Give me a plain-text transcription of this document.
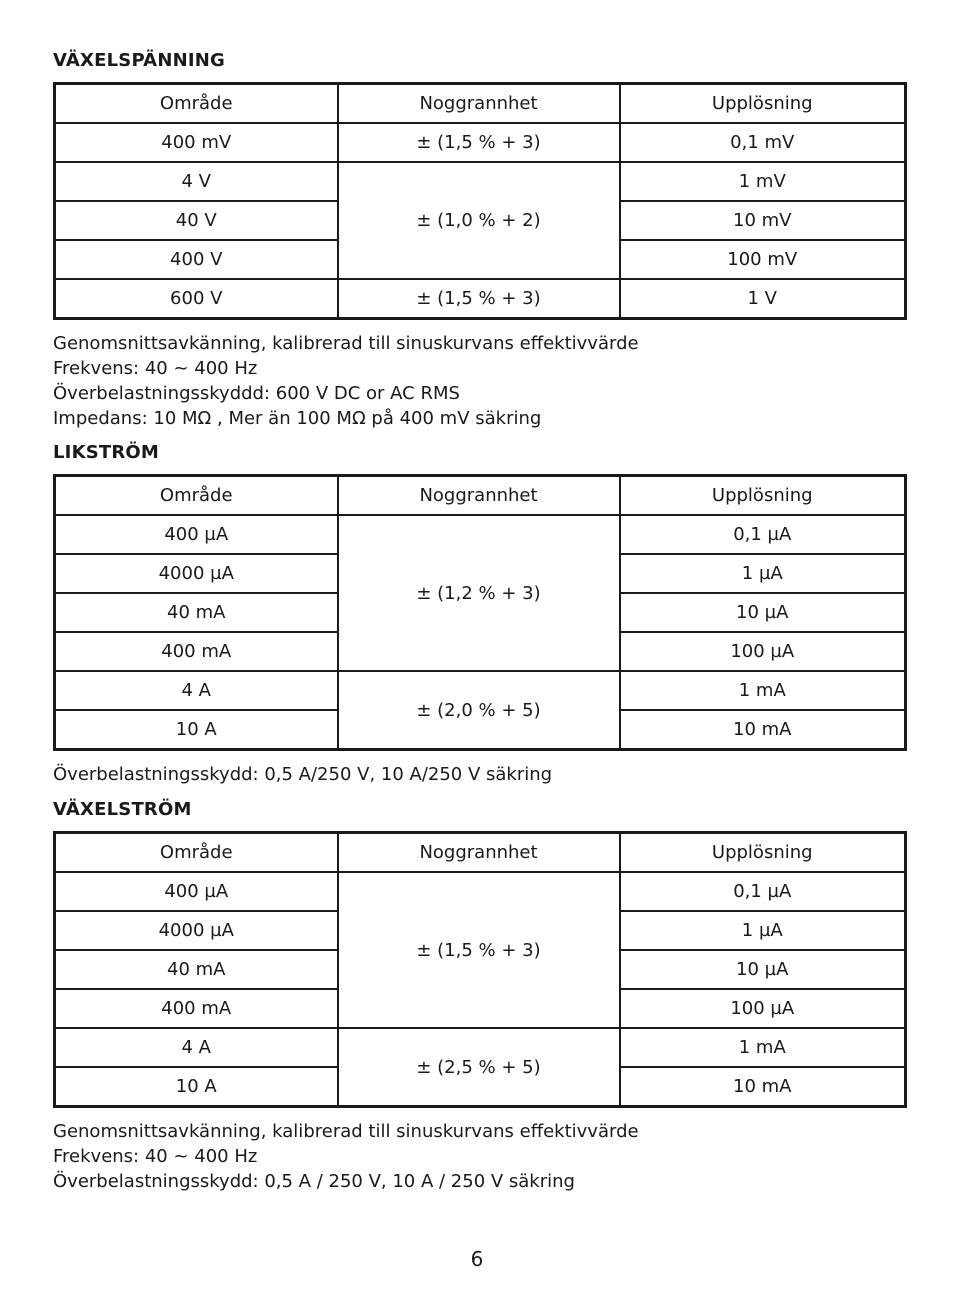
VÄXELSPÄNNING
Område	Noggrannhet	Upplösning
400 mV	± (1,5 % + 3)	0,1 mV
4 V	± (1,0 % + 2)	1 mV
40 V		10 mV
400 V		100 mV
600 V	± (1,5 % + 3)	1 V
Genomsnittsavkänning, kalibrerad till sinuskurvans effektivvärde
Frekvens: 40 ~ 400 Hz
Överbelastningsskyddd: 600 V DC or AC RMS
Impedans: 10 MΩ , Mer än 100 MΩ på 400 mV säkring
LIKSTRÖM
Område	Noggrannhet	Upplösning
400 µA	± (1,2 % + 3)	0,1 µA
4000 µA		1 µA
40 mA		10 µA
400 mA		100 µA
4 A	± (2,0 % + 5)	1 mA
10 A		10 mA
Överbelastningsskydd: 0,5 A/250 V, 10 A/250 V säkring
VÄXELSTRÖM
Område	Noggrannhet	Upplösning
400 µA	± (1,5 % + 3)	0,1 µA
4000 µA		1 µA
40 mA		10 µA
400 mA		100 µA
4 A	± (2,5 % + 5)	1 mA
10 A		10 mA
Genomsnittsavkänning, kalibrerad till sinuskurvans effektivvärde
Frekvens: 40 ~ 400 Hz
Överbelastningsskydd: 0,5 A / 250 V, 10 A / 250 V säkring
6
